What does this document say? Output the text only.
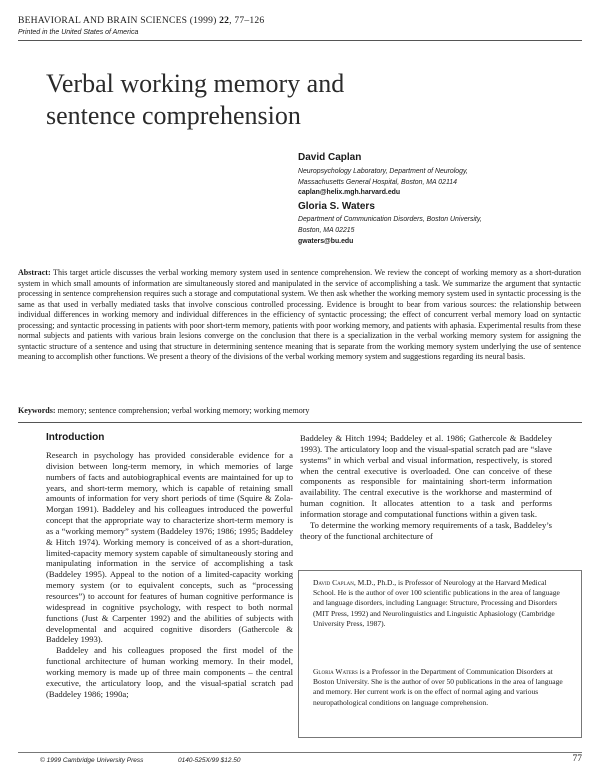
BEHAVIORAL AND BRAIN SCIENCES (1999) 22, 77–126
Printed in the United States of America
Verbal working memory and
sentence comprehension
David Caplan
Neuropsychology Laboratory, Department of Neurology,
Massachusetts General Hospital, Boston, MA 02114
caplan@helix.mgh.harvard.edu
Gloria S. Waters
Department of Communication Disorders, Boston University,
Boston, MA 02215
gwaters@bu.edu
Abstract: This target article discusses the verbal working memory system used in sentence comprehension. We review the concept of working memory as a short-duration system in which small amounts of information are simultaneously stored and manipulated in the service of accomplishing a task. We summarize the argument that syntactic processing in sentence comprehension requires such a storage and computational system. We then ask whether the working memory system used in syntactic processing is the same as that used in verbally mediated tasks that involve conscious controlled processing. Evidence is brought to bear from various sources: the relationship between individual differences in working memory and individual differences in the efficiency of syntactic processing; the effect of concurrent verbal memory load on syntactic processing; and syntactic processing in patients with poor short-term memory, patients with poor working memory, and patients with aphasia. Experimental results from these normal subjects and patients with various brain lesions converge on the conclusion that there is a specialization in the verbal working memory system for assigning the syntactic structure of a sentence and using that structure in determining sentence meaning that is separate from the working memory system underlying the use of sentence meaning to accomplish other functions. We present a theory of the divisions of the verbal working memory system and suggestions regarding its neural basis.
Keywords: memory; sentence comprehension; verbal working memory; working memory
Introduction

Research in psychology has provided considerable evidence for a division between long-term memory, in which memories of large numbers of facts and autobiographical events are maintained for up to years, and short-term memory, which is capable of retaining small amounts of information for very short periods of time (Squire & Zola-Morgan 1991). Baddeley and his colleagues introduced the powerful concept that the appropriate way to characterize short-term memory is as a “working memory” system (Baddeley 1976; 1986; 1995; Baddeley & Hitch 1974). Working memory is conceived of as a short-duration, limited-capacity memory system capable of simultaneously storing and manipulating information in the service of accomplishing a task (Baddeley 1995). Appeal to the notion of a limited-capacity working memory system (or to equivalent concepts, such as “processing resources”) to account for features of human cognitive performance is widespread in cognitive psychology, with respect to both normal functions (Just & Carpenter 1992) and the abilities of subjects with developmental and acquired cognitive disorders (Gathercole & Baddeley 1993).

Baddeley and his colleagues proposed the first model of the functional architecture of human working memory. In their model, working memory is made up of three main components – the central executive, the articulatory loop, and the visual-spatial scratch pad (Baddeley 1986; 1990a;

Baddeley & Hitch 1994; Baddeley et al. 1986; Gathercole & Baddeley 1993). The articulatory loop and the visual-spatial scratch pad are “slave systems” in which verbal and visual information, respectively, is stored when the central executive is overloaded. One can conceive of these components as responsible for maintaining short-term information availability. The central executive is the workhorse and mastermind of human cognition. It allocates attention to a task and performs information storage and computational functions within a given task.

To determine the working memory requirements of a task, Baddeley’s theory of the functional architecture of

David Caplan, M.D., Ph.D., is Professor of Neurology at the Harvard Medical School. He is the author of over 100 scientific publications in the area of language and language disorders, including Language: Structure, Processing and Disorders (MIT Press, 1992) and Neurolinguistics and Linguistic Aphasiology (Cambridge University Press, 1987).

Gloria Waters is a Professor in the Department of Communication Disorders at Boston University. She is the author of over 50 publications in the area of language and memory. Her current work is on the effect of normal aging and various neuropathological conditions on language comprehension.

© 1999 Cambridge University Press	0140-525X/99 $12.50	77
